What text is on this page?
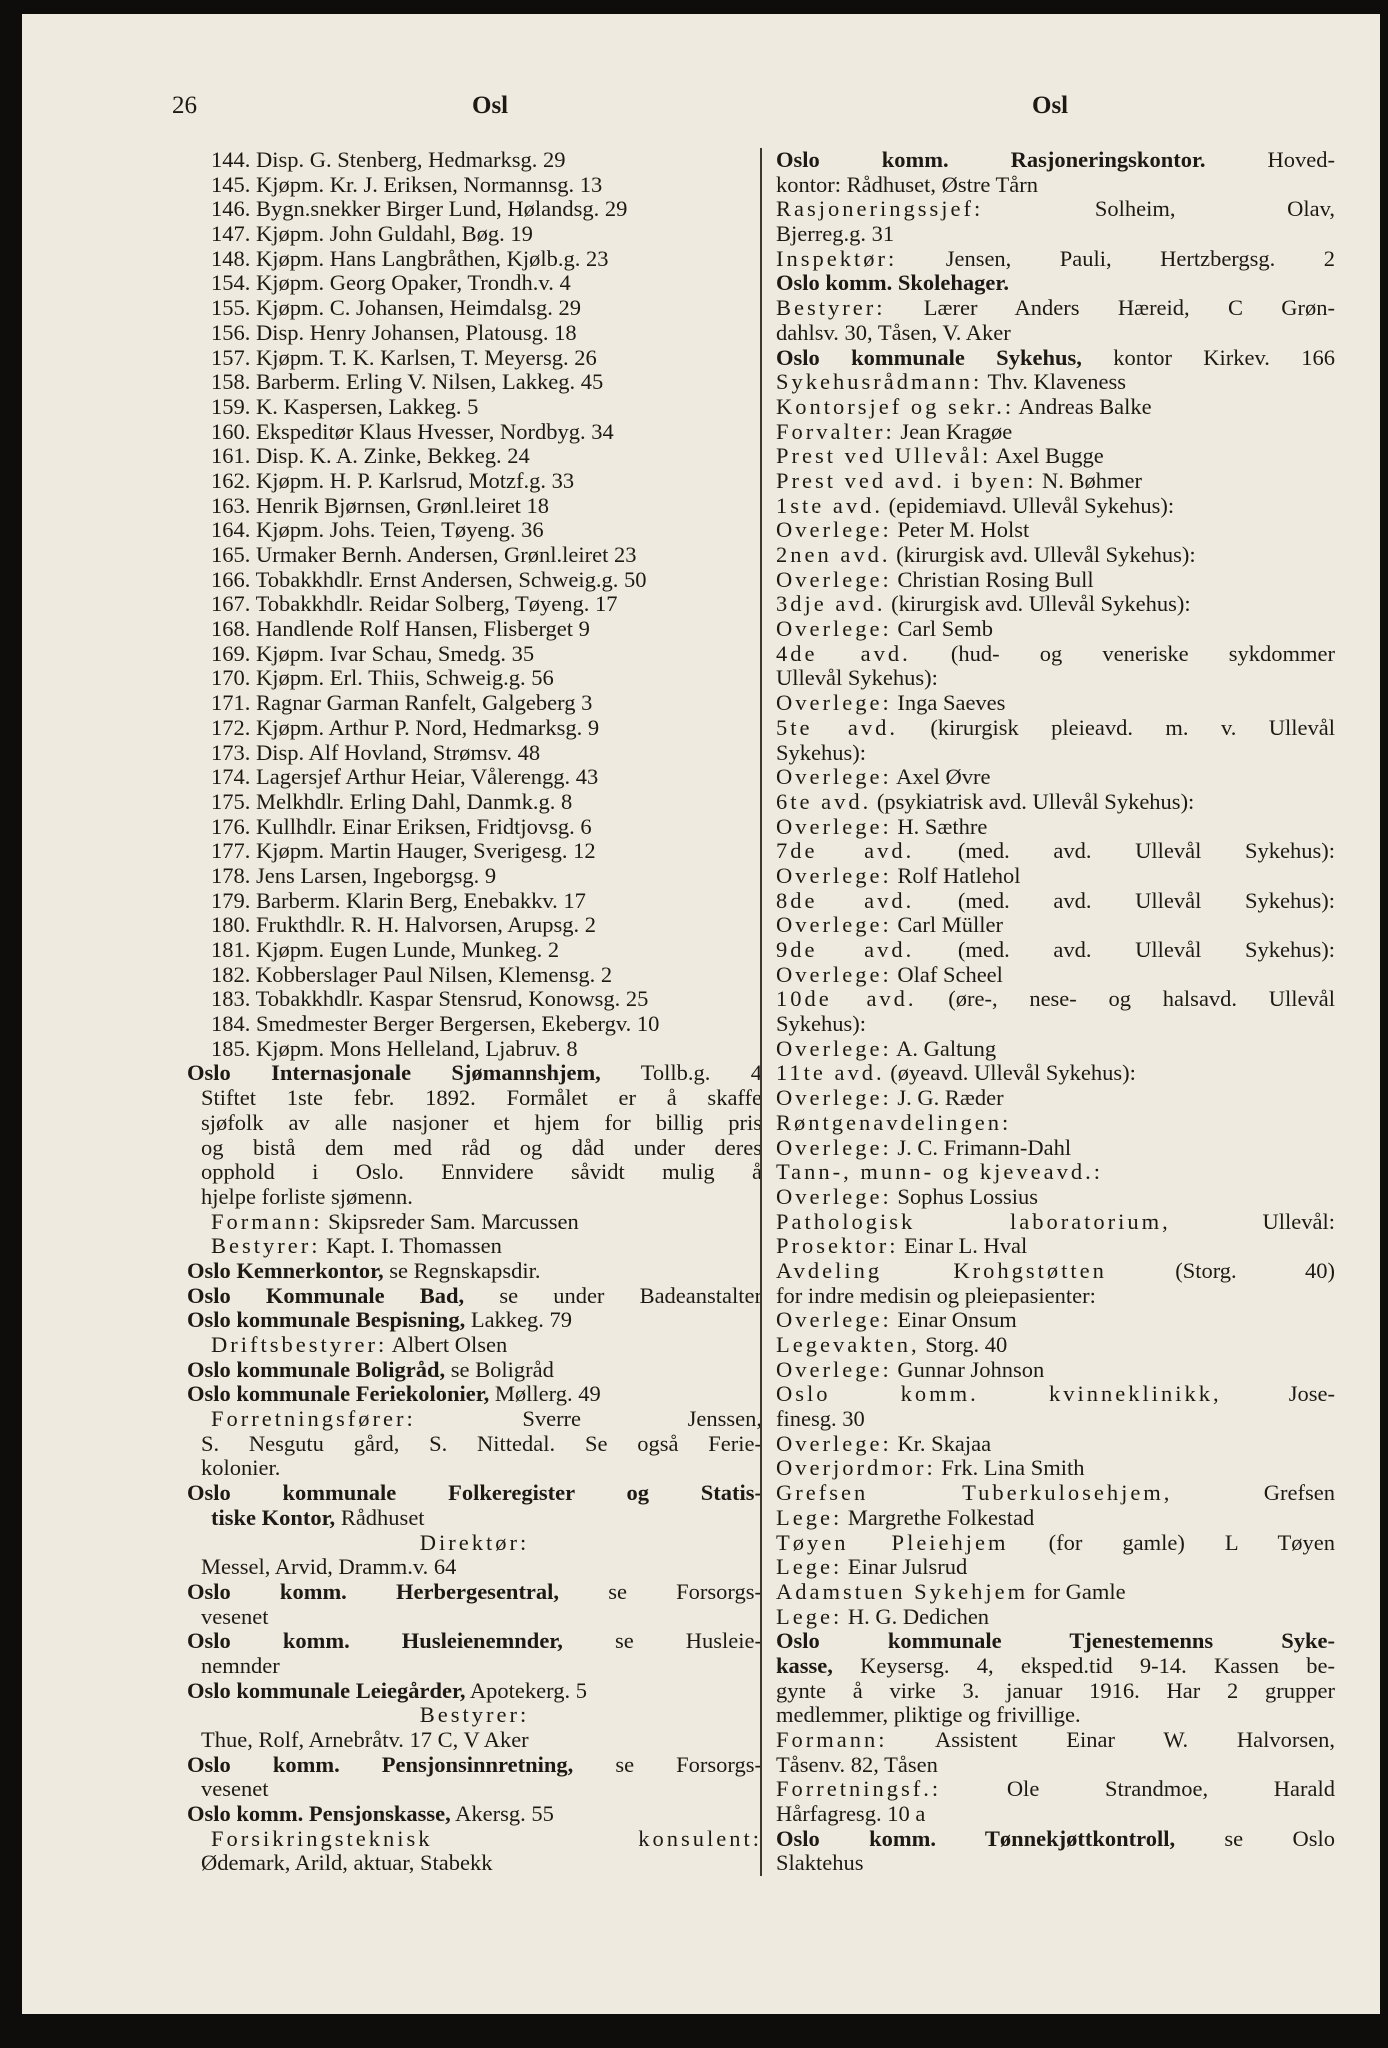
26	Osl	Osl
144. Disp. G. Stenberg, Hedmarksg. 29
145. Kjøpm. Kr. J. Eriksen, Normannsg. 13
146. Bygn.snekker Birger Lund, Hølandsg. 29
147. Kjøpm. John Guldahl, Bøg. 19
148. Kjøpm. Hans Langbråthen, Kjølb.g. 23
154. Kjøpm. Georg Opaker, Trondh.v. 4
155. Kjøpm. C. Johansen, Heimdalsg. 29
156. Disp. Henry Johansen, Platousg. 18
157. Kjøpm. T. K. Karlsen, T. Meyersg. 26
158. Barberm. Erling V. Nilsen, Lakkeg. 45
159. K. Kaspersen, Lakkeg. 5
160. Ekspeditør Klaus Hvesser, Nordbyg. 34
161. Disp. K. A. Zinke, Bekkeg. 24
162. Kjøpm. H. P. Karlsrud, Motzf.g. 33
163. Henrik Bjørnsen, Grønl.leiret 18
164. Kjøpm. Johs. Teien, Tøyeng. 36
165. Urmaker Bernh. Andersen, Grønl.leiret 23
166. Tobakkhdlr. Ernst Andersen, Schweig.g. 50
167. Tobakkhdlr. Reidar Solberg, Tøyeng. 17
168. Handlende Rolf Hansen, Flisberget 9
169. Kjøpm. Ivar Schau, Smedg. 35
170. Kjøpm. Erl. Thiis, Schweig.g. 56
171. Ragnar Garman Ranfelt, Galgeberg 3
172. Kjøpm. Arthur P. Nord, Hedmarksg. 9
173. Disp. Alf Hovland, Strømsv. 48
174. Lagersjef Arthur Heiar, Vålerengg. 43
175. Melkhdlr. Erling Dahl, Danmk.g. 8
176. Kullhdlr. Einar Eriksen, Fridtjovsg. 6
177. Kjøpm. Martin Hauger, Sverigesg. 12
178. Jens Larsen, Ingeborgsg. 9
179. Barberm. Klarin Berg, Enebakkv. 17
180. Frukthdlr. R. H. Halvorsen, Arupsg. 2
181. Kjøpm. Eugen Lunde, Munkeg. 2
182. Kobberslager Paul Nilsen, Klemensg. 2
183. Tobakkhdlr. Kaspar Stensrud, Konowsg. 25
184. Smedmester Berger Bergersen, Ekebergv. 10
185. Kjøpm. Mons Helleland, Ljabruv. 8
Oslo Internasjonale Sjømannshjem, Tollb.g. 4
Stiftet 1ste febr. 1892. Formålet er å skaffe
sjøfolk av alle nasjoner et hjem for billig pris
og bistå dem med råd og dåd under deres
opphold i Oslo. Ennvidere såvidt mulig å
hjelpe forliste sjømenn.
Formann: Skipsreder Sam. Marcussen
Bestyrer: Kapt. I. Thomassen
Oslo Kemnerkontor, se Regnskapsdir.
Oslo Kommunale Bad, se under Badeanstalter
Oslo kommunale Bespisning, Lakkeg. 79
Driftsbestyrer: Albert Olsen
Oslo kommunale Boligråd, se Boligråd
Oslo kommunale Feriekolonier, Møllerg. 49
Forretningsfører: Sverre Jenssen,
S. Nesgutu gård, S. Nittedal. Se også Ferie-
kolonier.
Oslo kommunale Folkeregister og Statis-
tiske Kontor, Rådhuset
Direktør:
Messel, Arvid, Dramm.v. 64
Oslo komm. Herbergesentral, se Forsorgs-
vesenet
Oslo komm. Husleienemnder, se Husleie-
nemnder
Oslo kommunale Leiegårder, Apotekerg. 5
Bestyrer:
Thue, Rolf, Arnebråtv. 17 C, V Aker
Oslo komm. Pensjonsinnretning, se Forsorgs-
vesenet
Oslo komm. Pensjonskasse, Akersg. 55
Forsikringsteknisk konsulent:
Ødemark, Arild, aktuar, Stabekk
Oslo komm. Rasjoneringskontor. Hoved-
kontor: Rådhuset, Østre Tårn
Rasjoneringssjef: Solheim, Olav,
Bjerreg.g. 31
Inspektør: Jensen, Pauli, Hertzbergsg. 2
Oslo komm. Skolehager.
Bestyrer: Lærer Anders Hæreid, C Grøn-
dahlsv. 30, Tåsen, V. Aker
Oslo kommunale Sykehus, kontor Kirkev. 166
Sykehusrådmann: Thv. Klaveness
Kontorsjef og sekr.: Andreas Balke
Forvalter: Jean Kragøe
Prest ved Ullevål: Axel Bugge
Prest ved avd. i byen: N. Bøhmer
1ste avd. (epidemiavd. Ullevål Sykehus):
Overlege: Peter M. Holst
2nen avd. (kirurgisk avd. Ullevål Sykehus):
Overlege: Christian Rosing Bull
3dje avd. (kirurgisk avd. Ullevål Sykehus):
Overlege: Carl Semb
4de avd. (hud- og veneriske sykdommer
Ullevål Sykehus):
Overlege: Inga Saeves
5te avd. (kirurgisk pleieavd. m. v. Ullevål
Sykehus):
Overlege: Axel Øvre
6te avd. (psykiatrisk avd. Ullevål Sykehus):
Overlege: H. Sæthre
7de avd. (med. avd. Ullevål Sykehus):
Overlege: Rolf Hatlehol
8de avd. (med. avd. Ullevål Sykehus):
Overlege: Carl Müller
9de avd. (med. avd. Ullevål Sykehus):
Overlege: Olaf Scheel
10de avd. (øre-, nese- og halsavd. Ullevål
Sykehus):
Overlege: A. Galtung
11te avd. (øyeavd. Ullevål Sykehus):
Overlege: J. G. Ræder
Røntgenavdelingen:
Overlege: J. C. Frimann-Dahl
Tann-, munn- og kjeveavd.:
Overlege: Sophus Lossius
Pathologisk laboratorium, Ullevål:
Prosektor: Einar L. Hval
Avdeling Krohgstøtten (Storg. 40)
for indre medisin og pleiepasienter:
Overlege: Einar Onsum
Legevakten, Storg. 40
Overlege: Gunnar Johnson
Oslo komm. kvinneklinikk, Jose-
finesg. 30
Overlege: Kr. Skajaa
Overjordmor: Frk. Lina Smith
Grefsen Tuberkulosehjem, Grefsen
Lege: Margrethe Folkestad
Tøyen Pleiehjem (for gamle) L Tøyen
Lege: Einar Julsrud
Adamstuen Sykehjem for Gamle
Lege: H. G. Dedichen
Oslo kommunale Tjenestemenns Syke-
kasse, Keysersg. 4, eksped.tid 9-14. Kassen be-
gynte å virke 3. januar 1916. Har 2 grupper
medlemmer, pliktige og frivillige.
Formann: Assistent Einar W. Halvorsen,
Tåsenv. 82, Tåsen
Forretningsf.: Ole Strandmoe, Harald
Hårfagresg. 10 a
Oslo komm. Tønnekjøttkontroll, se Oslo
Slaktehus
